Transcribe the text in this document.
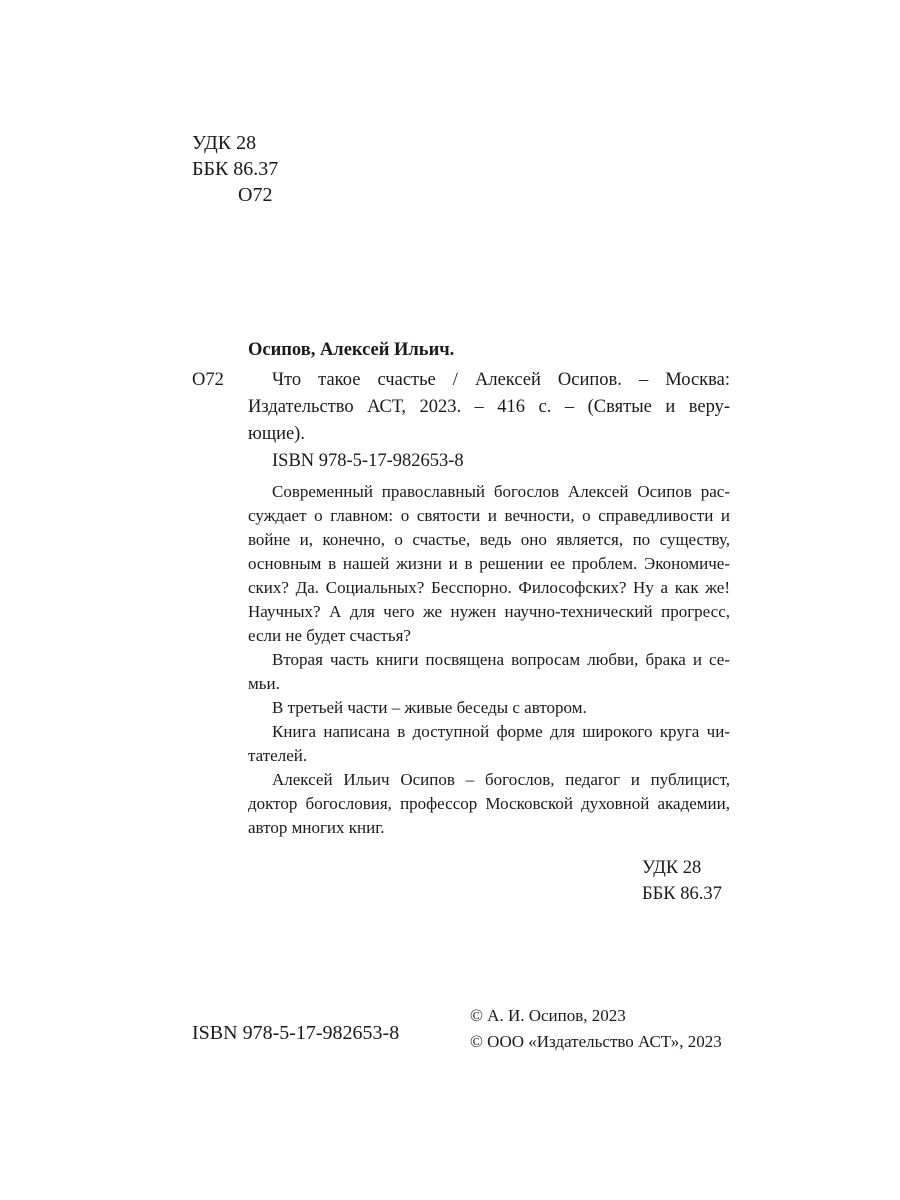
УДК 28
ББК 86.37
О72
Осипов, Алексей Ильич.
О72	Что такое счастье / Алексей Осипов. – Москва:
Издательство АСТ, 2023. – 416 с. – (Святые и веру-
ющие).
ISBN 978-5-17-982653-8
Современный православный богослов Алексей Осипов рас-
суждает о главном: о святости и вечности, о справедливости и
войне и, конечно, о счастье, ведь оно является, по существу,
основным в нашей жизни и в решении ее проблем. Экономиче-
ских? Да. Социальных? Бесспорно. Философских? Ну а как же!
Научных? А для чего же нужен научно-технический прогресс,
если не будет счастья?
Вторая часть книги посвящена вопросам любви, брака и се-
мьи.
В третьей части – живые беседы с автором.
Книга написана в доступной форме для широкого круга чи-
тателей.
Алексей Ильич Осипов – богослов, педагог и публицист,
доктор богословия, профессор Московской духовной академии,
автор многих книг.
УДК 28
ББК 86.37
ISBN 978-5-17-982653-8
© А. И. Осипов, 2023
© ООО «Издательство АСТ», 2023
